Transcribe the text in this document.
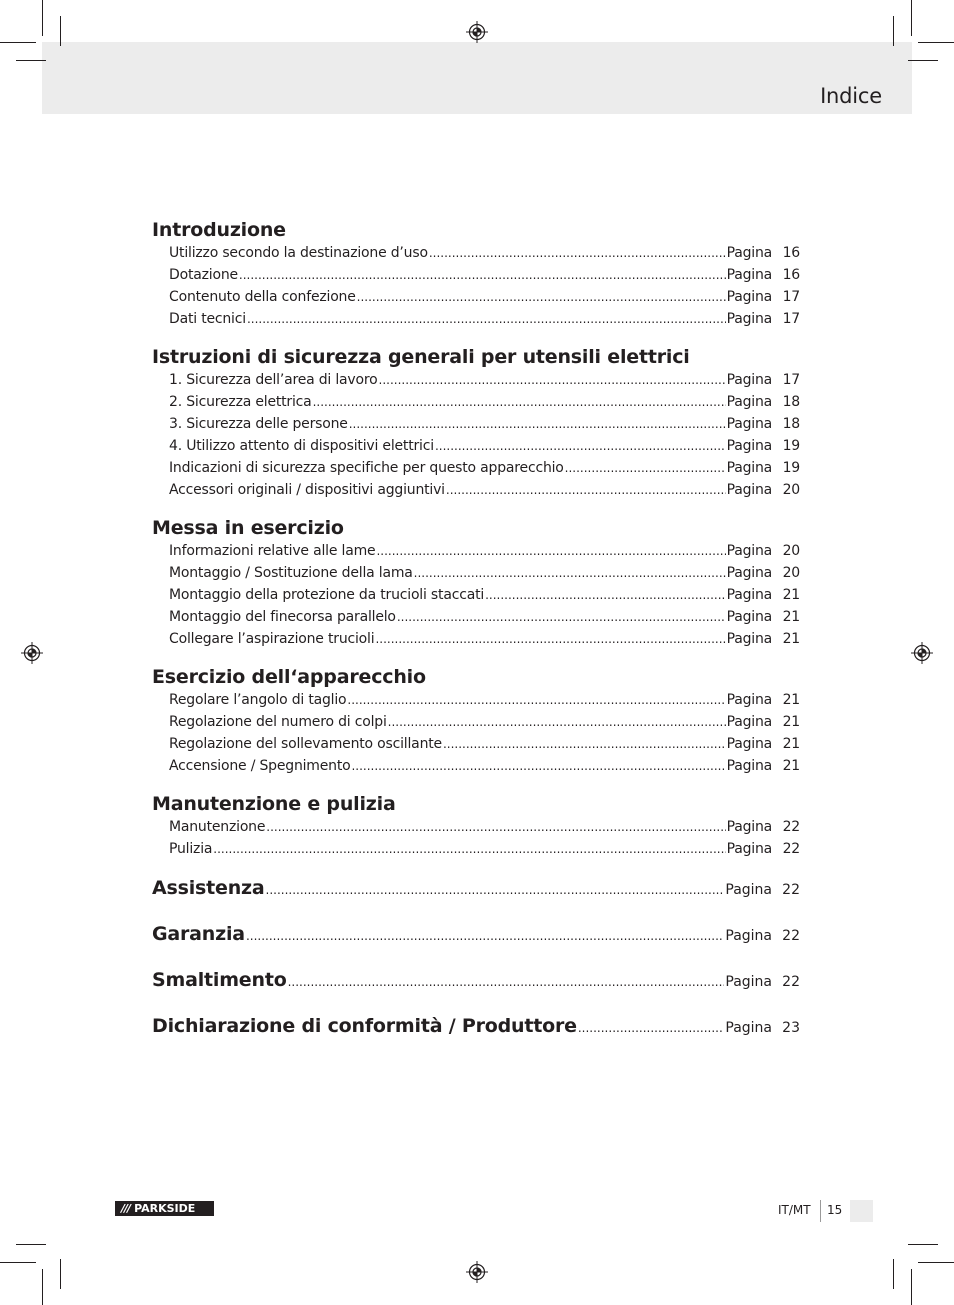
Indice
Introduzione
Utilizzo secondo la destinazione d’uso .....	Pagina 16
Dotazione .....	Pagina 16
Contenuto della confezione .....	Pagina 17
Dati tecnici .....	Pagina 17
Istruzioni di sicurezza generali per utensili elettrici
1. Sicurezza dell’area di lavoro .....	Pagina 17
2. Sicurezza elettrica .....	Pagina 18
3. Sicurezza delle persone .....	Pagina 18
4. Utilizzo attento di dispositivi elettrici .....	Pagina 19
Indicazioni di sicurezza specifiche per questo apparecchio .....	Pagina 19
Accessori originali / dispositivi aggiuntivi .....	Pagina 20
Messa in esercizio
Informazioni relative alle lame .....	Pagina 20
Montaggio / Sostituzione della lama .....	Pagina 20
Montaggio della protezione da trucioli staccati .....	Pagina 21
Montaggio del finecorsa parallelo .....	Pagina 21
Collegare l’aspirazione trucioli .....	Pagina 21
Esercizio dell‘apparecchio
Regolare l’angolo di taglio .....	Pagina 21
Regolazione del numero di colpi .....	Pagina 21
Regolazione del sollevamento oscillante .....	Pagina 21
Accensione / Spegnimento .....	Pagina 21
Manutenzione e pulizia
Manutenzione .....	Pagina 22
Pulizia .....	Pagina 22
Assistenza .....	Pagina 22
Garanzia .....	Pagina 22
Smaltimento .....	Pagina 22
Dichiarazione di conformità / Produttore .....	Pagina 23
/// PARKSIDE	IT/MT 15
